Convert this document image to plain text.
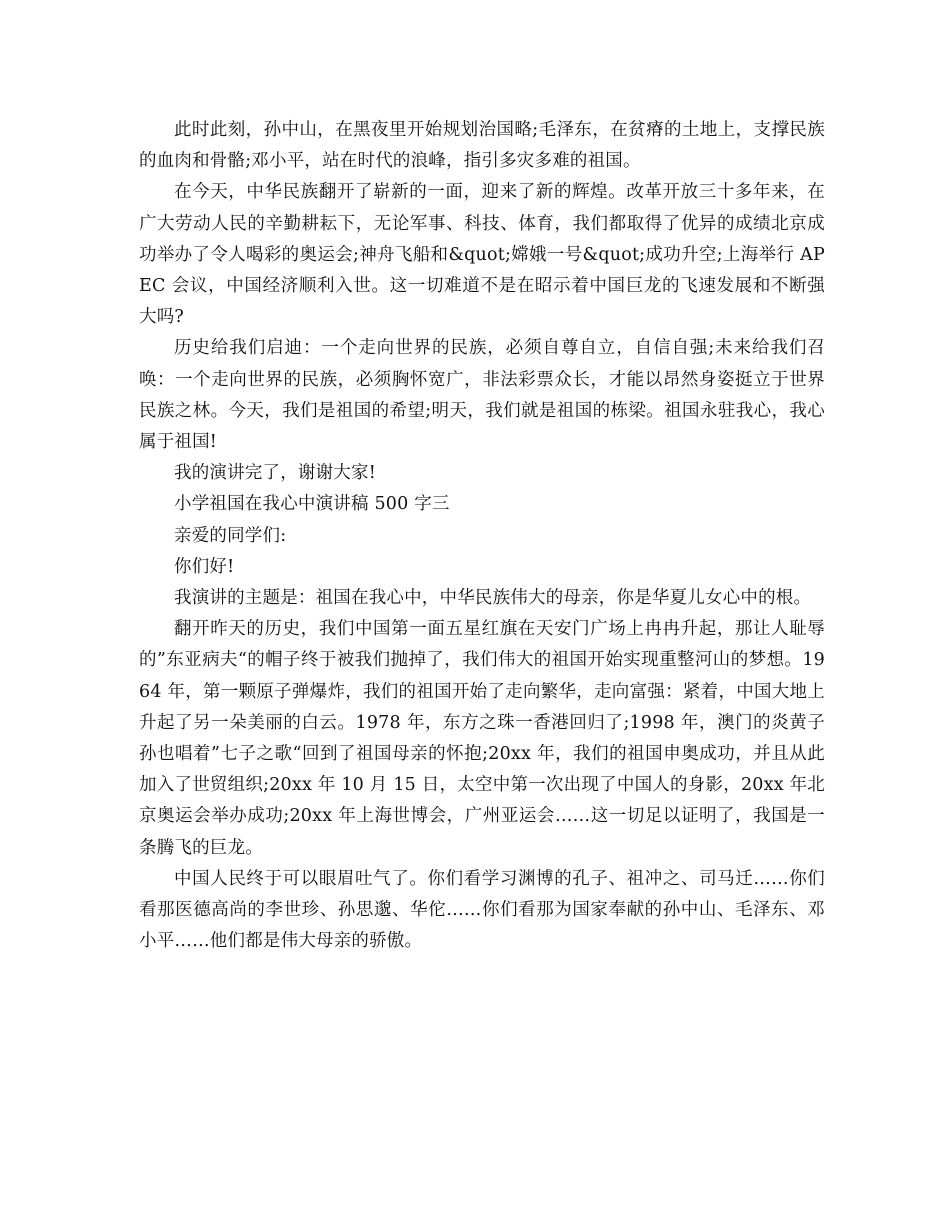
此时此刻，孙中山，在黑夜里开始规划治国略;毛泽东，在贫瘠的土地上，支撑民族的血肉和骨骼;邓小平，站在时代的浪峰，指引多灾多难的祖国。

在今天，中华民族翻开了崭新的一面，迎来了新的辉煌。改革开放三十多年来，在广大劳动人民的辛勤耕耘下，无论军事、科技、体育，我们都取得了优异的成绩北京成功举办了令人喝彩的奥运会;神舟飞船和&quot;嫦娥一号&quot;成功升空;上海举行 APEC 会议，中国经济顺利入世。这一切难道不是在昭示着中国巨龙的飞速发展和不断强大吗?

历史给我们启迪：一个走向世界的民族，必须自尊自立，自信自强;未来给我们召唤：一个走向世界的民族，必须胸怀宽广，非法彩票众长，才能以昂然身姿挺立于世界民族之林。今天，我们是祖国的希望;明天，我们就是祖国的栋梁。祖国永驻我心，我心属于祖国!

我的演讲完了，谢谢大家!

小学祖国在我心中演讲稿 500 字三

亲爱的同学们:

你们好!

我演讲的主题是：祖国在我心中，中华民族伟大的母亲，你是华夏儿女心中的根。

翻开昨天的历史，我们中国第一面五星红旗在天安门广场上冉冉升起，那让人耻辱的”东亚病夫“的帽子终于被我们抛掉了，我们伟大的祖国开始实现重整河山的梦想。1964 年，第一颗原子弹爆炸，我们的祖国开始了走向繁华，走向富强：紧着，中国大地上升起了另一朵美丽的白云。1978 年，东方之珠一香港回归了;1998 年，澳门的炎黄子孙也唱着”七子之歌“回到了祖国母亲的怀抱;20xx 年，我们的祖国申奥成功，并且从此加入了世贸组织;20xx 年 10 月 15 日，太空中第一次出现了中国人的身影，20xx 年北京奥运会举办成功;20xx 年上海世博会，广州亚运会……这一切足以证明了，我国是一条腾飞的巨龙。

中国人民终于可以眼眉吐气了。你们看学习渊博的孔子、祖冲之、司马迁……你们看那医德高尚的李世珍、孙思邈、华佗……你们看那为国家奉献的孙中山、毛泽东、邓小平……他们都是伟大母亲的骄傲。
